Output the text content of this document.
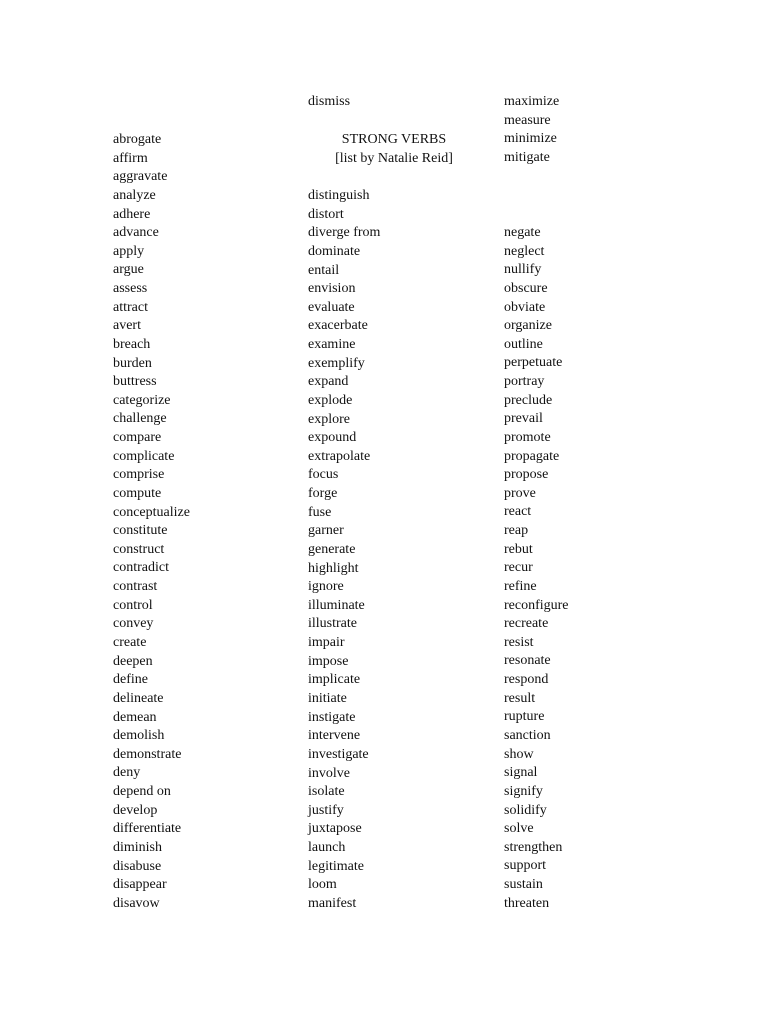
STRONG VERBS
[list by Natalie Reid]
abrogate
affirm
aggravate
analyze
adhere
advance
apply
argue
assess
attract
avert
breach
burden
buttress
categorize
challenge
compare
complicate
comprise
compute
conceptualize
constitute
construct
contradict
contrast
control
convey
create
deepen
define
delineate
demean
demolish
demonstrate
deny
depend on
develop
differentiate
diminish
disabuse
disappear
disavow
dismiss
distinguish
distort
diverge from
dominate
entail
envision
evaluate
exacerbate
examine
exemplify
expand
explode
explore
expound
extrapolate
focus
forge
fuse
garner
generate
highlight
ignore
illuminate
illustrate
impair
impose
implicate
initiate
instigate
intervene
investigate
involve
isolate
justify
juxtapose
launch
legitimate
loom
manifest
maximize
measure
minimize
mitigate
negate
neglect
nullify
obscure
obviate
organize
outline
perpetuate
portray
preclude
prevail
promote
propagate
propose
prove
react
reap
rebut
recur
refine
reconfigure
recreate
resist
resonate
respond
result
rupture
sanction
show
signal
signify
solidify
solve
strengthen
support
sustain
threaten
